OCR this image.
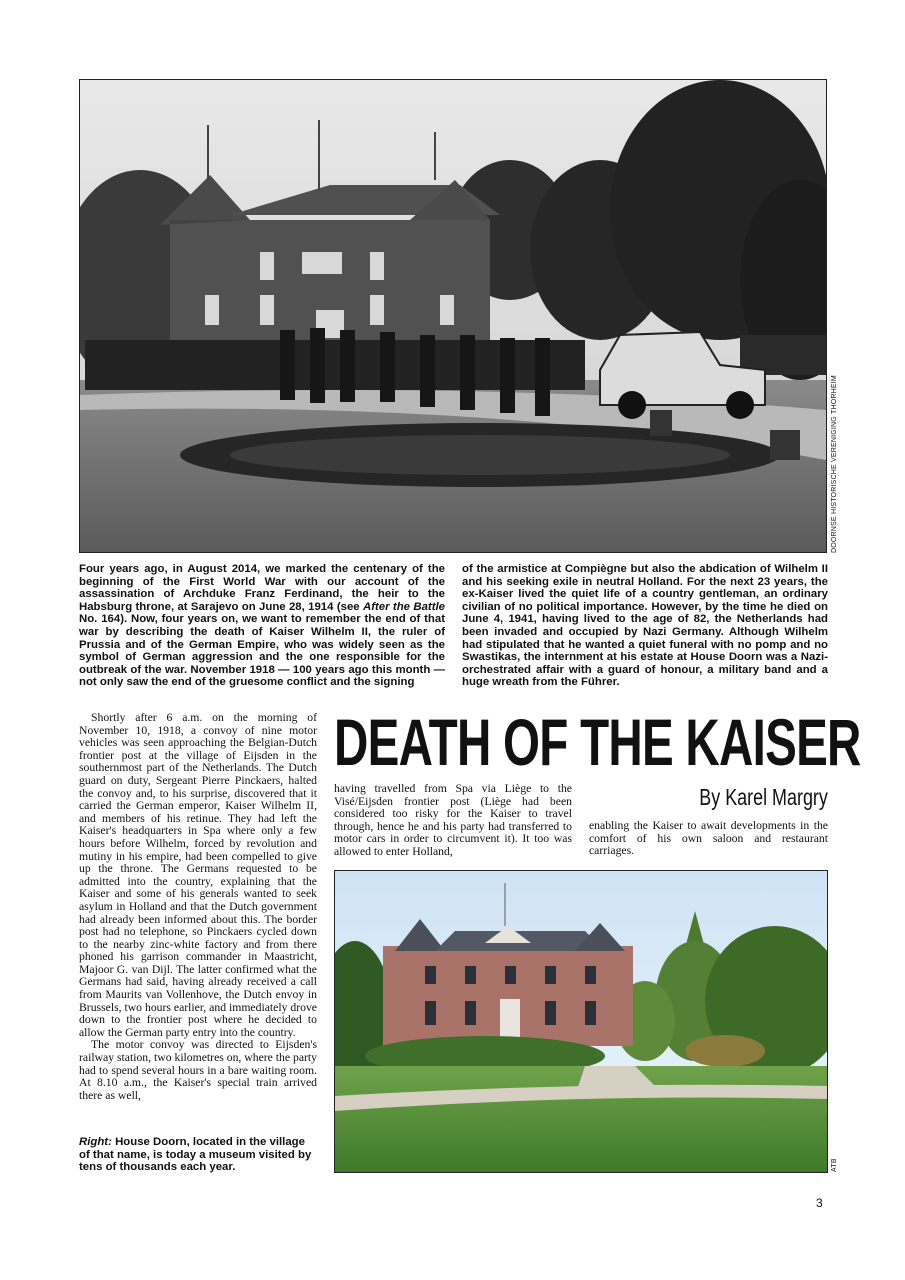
DOORNSE HISTORISCHE VERENIGING THORHEIM
Four years ago, in August 2014, we marked the centenary of the beginning of the First World War with our account of the assassination of Archduke Franz Ferdinand, the heir to the Habsburg throne, at Sarajevo on June 28, 1914 (see After the Battle No. 164). Now, four years on, we want to remember the end of that war by describing the death of Kaiser Wilhelm II, the ruler of Prussia and of the German Empire, who was widely seen as the symbol of German aggression and the one responsible for the outbreak of the war. November 1918 — 100 years ago this month — not only saw the end of the gruesome conflict and the signing
of the armistice at Compiègne but also the abdication of Wilhelm II and his seeking exile in neutral Holland. For the next 23 years, the ex-Kaiser lived the quiet life of a country gentleman, an ordinary civilian of no political importance. However, by the time he died on June 4, 1941, having lived to the age of 82, the Netherlands had been invaded and occupied by Nazi Germany. Although Wilhelm had stipulated that he wanted a quiet funeral with no pomp and no Swastikas, the internment at his estate at House Doorn was a Nazi-orchestrated affair with a guard of honour, a military band and a huge wreath from the Führer.
DEATH OF THE KAISER
By Karel Margry

Shortly after 6 a.m. on the morning of November 10, 1918, a convoy of nine motor vehicles was seen approaching the Belgian-Dutch frontier post at the village of Eijsden in the southernmost part of the Netherlands. The Dutch guard on duty, Sergeant Pierre Pinckaers, halted the convoy and, to his surprise, discovered that it carried the German emperor, Kaiser Wilhelm II, and members of his retinue. They had left the Kaiser's headquarters in Spa where only a few hours before Wilhelm, forced by revolution and mutiny in his empire, had been compelled to give up the throne. The Germans requested to be admitted into the country, explaining that the Kaiser and some of his generals wanted to seek asylum in Holland and that the Dutch government had already been informed about this. The border post had no telephone, so Pinckaers cycled down to the nearby zinc-white factory and from there phoned his garrison commander in Maastricht, Majoor G. van Dijl. The latter confirmed what the Germans had said, having already received a call from Maurits van Vollenhove, the Dutch envoy in Brussels, two hours earlier, and immediately drove down to the frontier post where he decided to allow the German party entry into the country.

The motor convoy was directed to Eijsden's railway station, two kilometres on, where the party had to spend several hours in a bare waiting room. At 8.10 a.m., the Kaiser's special train arrived there as well,

having travelled from Spa via Liège to the Visé/Eijsden frontier post (Liège had been considered too risky for the Kaiser to travel through, hence he and his party had transferred to motor cars in order to circumvent it). It too was allowed to enter Holland,

enabling the Kaiser to await developments in the comfort of his own saloon and restaurant carriages.

Right: House Doorn, located in the village of that name, is today a museum visited by tens of thousands each year.	ATB
3
